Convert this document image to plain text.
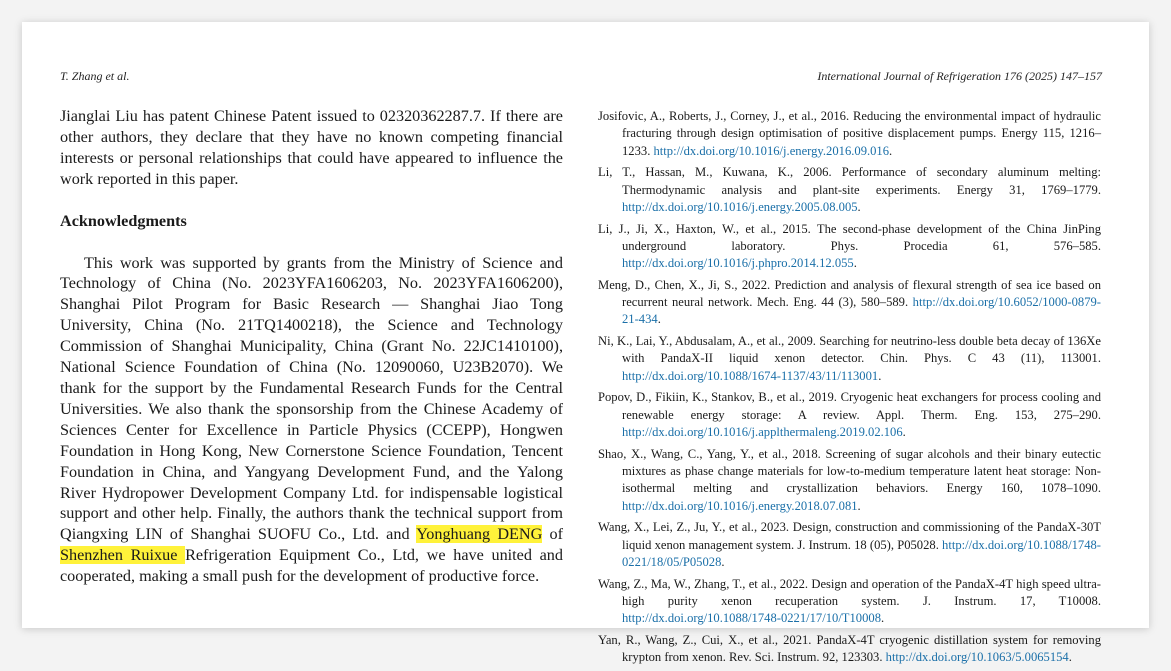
T. Zhang et al.	International Journal of Refrigeration 176 (2025) 147–157

Jianglai Liu has patent Chinese Patent issued to 02320362287.7. If there are other authors, they declare that they have no known competing financial interests or personal relationships that could have appeared to influence the work reported in this paper.

Acknowledgments

This work was supported by grants from the Ministry of Science and Technology of China (No. 2023YFA1606203, No. 2023YFA1606200), Shanghai Pilot Program for Basic Research — Shanghai Jiao Tong University, China (No. 21TQ1400218), the Science and Technology Commission of Shanghai Municipality, China (Grant No. 22JC1410100), National Science Foundation of China (No. 12090060, U23B2070). We thank for the support by the Fundamental Research Funds for the Central Universities. We also thank the sponsorship from the Chinese Academy of Sciences Center for Excellence in Particle Physics (CCEPP), Hongwen Foundation in Hong Kong, New Cornerstone Science Foundation, Tencent Foundation in China, and Yangyang Development Fund, and the Yalong River Hydropower Development Company Ltd. for indispensable logistical support and other help. Finally, the authors thank the technical support from Qiangxing LIN of Shanghai SUOFU Co., Ltd. and Yonghuang DENG of Shenzhen Ruixue Refrigeration Equipment Co., Ltd, we have united and cooperated, making a small push for the development of productive force.

Josifovic, A., Roberts, J., Corney, J., et al., 2016. Reducing the environmental impact of hydraulic fracturing through design optimisation of positive displacement pumps. Energy 115, 1216–1233. http://dx.doi.org/10.1016/j.energy.2016.09.016.

Li, T., Hassan, M., Kuwana, K., 2006. Performance of secondary aluminum melting: Thermodynamic analysis and plant-site experiments. Energy 31, 1769–1779. http://dx.doi.org/10.1016/j.energy.2005.08.005.

Li, J., Ji, X., Haxton, W., et al., 2015. The second-phase development of the China JinPing underground laboratory. Phys. Procedia 61, 576–585. http://dx.doi.org/10.1016/j.phpro.2014.12.055.

Meng, D., Chen, X., Ji, S., 2022. Prediction and analysis of flexural strength of sea ice based on recurrent neural network. Mech. Eng. 44 (3), 580–589. http://dx.doi.org/10.6052/1000-0879-21-434.

Ni, K., Lai, Y., Abdusalam, A., et al., 2009. Searching for neutrino-less double beta decay of 136Xe with PandaX-II liquid xenon detector. Chin. Phys. C 43 (11), 113001. http://dx.doi.org/10.1088/1674-1137/43/11/113001.

Popov, D., Fikiin, K., Stankov, B., et al., 2019. Cryogenic heat exchangers for process cooling and renewable energy storage: A review. Appl. Therm. Eng. 153, 275–290. http://dx.doi.org/10.1016/j.applthermaleng.2019.02.106.

Shao, X., Wang, C., Yang, Y., et al., 2018. Screening of sugar alcohols and their binary eutectic mixtures as phase change materials for low-to-medium temperature latent heat storage: Non- isothermal melting and crystallization behaviors. Energy 160, 1078–1090. http://dx.doi.org/10.1016/j.energy.2018.07.081.

Wang, X., Lei, Z., Ju, Y., et al., 2023. Design, construction and commissioning of the PandaX-30T liquid xenon management system. J. Instrum. 18 (05), P05028. http://dx.doi.org/10.1088/1748-0221/18/05/P05028.

Wang, Z., Ma, W., Zhang, T., et al., 2022. Design and operation of the PandaX-4T high speed ultra-high purity xenon recuperation system. J. Instrum. 17, T10008. http://dx.doi.org/10.1088/1748-0221/17/10/T10008.

Yan, R., Wang, Z., Cui, X., et al., 2021. PandaX-4T cryogenic distillation system for removing krypton from xenon. Rev. Sci. Instrum. 92, 123303. http://dx.doi.org/10.1063/5.0065154.
